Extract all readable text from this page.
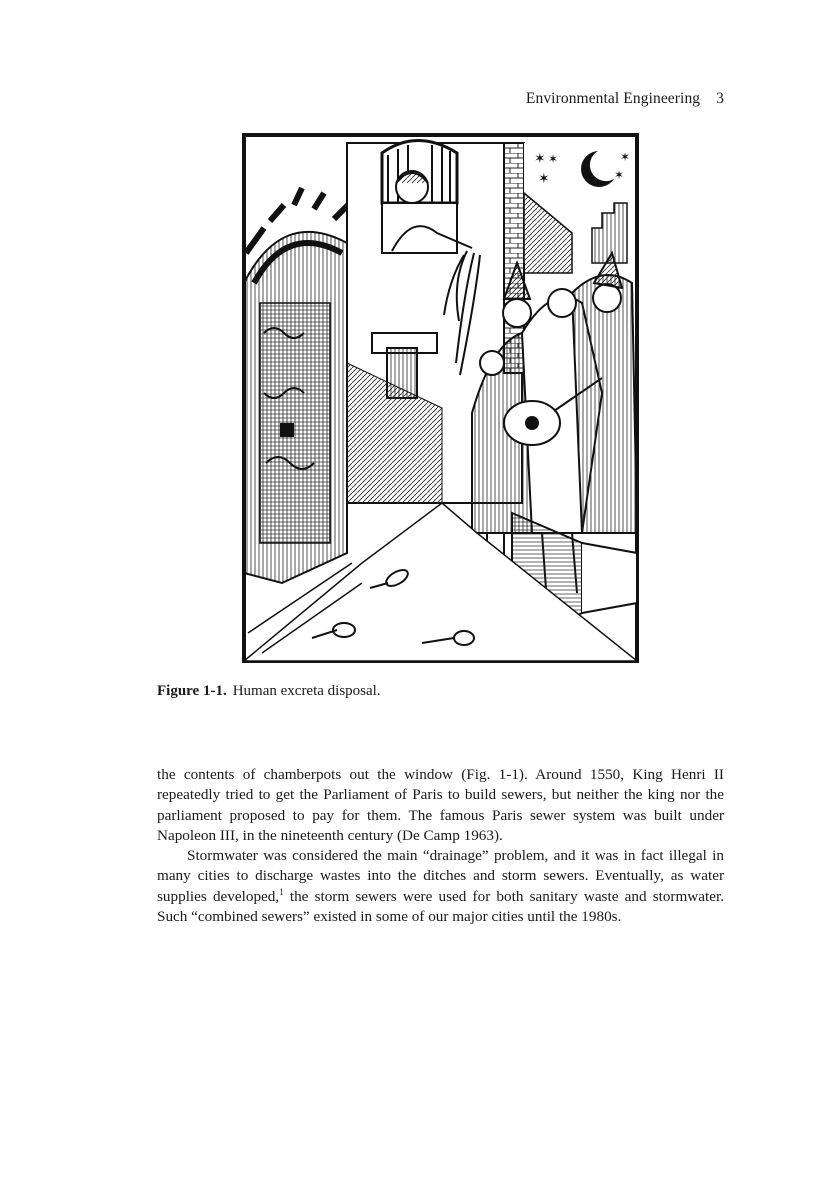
Environmental Engineering 3
✶ ✶
✶
✶
✶
Figure 1-1. Human excreta disposal.

the contents of chamberpots out the window (Fig. 1-1). Around 1550, King Henri II repeatedly tried to get the Parliament of Paris to build sewers, but neither the king nor the parliament proposed to pay for them. The famous Paris sewer system was built under Napoleon III, in the nineteenth century (De Camp 1963).

Stormwater was considered the main “drainage” problem, and it was in fact illegal in many cities to discharge wastes into the ditches and storm sewers. Eventually, as water supplies developed,$^1$ the storm sewers were used for both sanitary waste and stormwater. Such “combined sewers” existed in some of our major cities until the 1980s.
